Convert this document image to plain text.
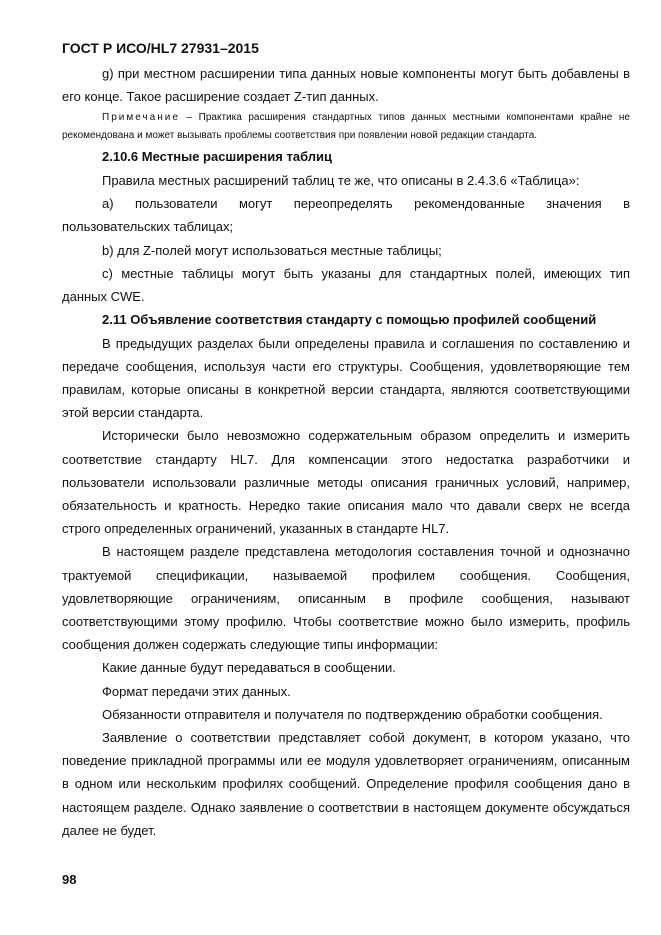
ГОСТ Р ИСО/HL7 27931–2015

g) при местном расширении типа данных новые компоненты могут быть добавлены в его конце. Такое расширение создает Z-тип данных.

Примечание – Практика расширения стандартных типов данных местными компонентами крайне не рекомендована и может вызывать проблемы соответствия при появлении новой редакции стандарта.
2.10.6 Местные расширения таблиц

Правила местных расширений таблиц те же, что описаны в 2.4.3.6 «Таблица»:

a) пользователи могут переопределять рекомендованные значения в пользовательских таблицах;

b) для Z-полей могут использоваться местные таблицы;

c) местные таблицы могут быть указаны для стандартных полей, имеющих тип данных CWE.

2.11 Объявление соответствия стандарту с помощью профилей сообщений

В предыдущих разделах были определены правила и соглашения по составлению и передаче сообщения, используя части его структуры. Сообщения, удовлетворяющие тем правилам, которые описаны в конкретной версии стандарта, являются соответствующими этой версии стандарта.

Исторически было невозможно содержательным образом определить и измерить соответствие стандарту HL7. Для компенсации этого недостатка разработчики и пользователи использовали различные методы описания граничных условий, например, обязательность и кратность. Нередко такие описания мало что давали сверх не всегда строго определенных ограничений, указанных в стандарте HL7.

В настоящем разделе представлена методология составления точной и однозначно трактуемой спецификации, называемой профилем сообщения. Сообщения, удовлетворяющие ограничениям, описанным в профиле сообщения, называют соответствующими этому профилю. Чтобы соответствие можно было измерить, профиль сообщения должен содержать следующие типы информации:

Какие данные будут передаваться в сообщении.

Формат передачи этих данных.

Обязанности отправителя и получателя по подтверждению обработки сообщения.

Заявление о соответствии представляет собой документ, в котором указано, что поведение прикладной программы или ее модуля удовлетворяет ограничениям, описанным в одном или нескольким профилях сообщений. Определение профиля сообщения дано в настоящем разделе. Однако заявление о соответствии в настоящем документе обсуждаться далее не будет.

98
